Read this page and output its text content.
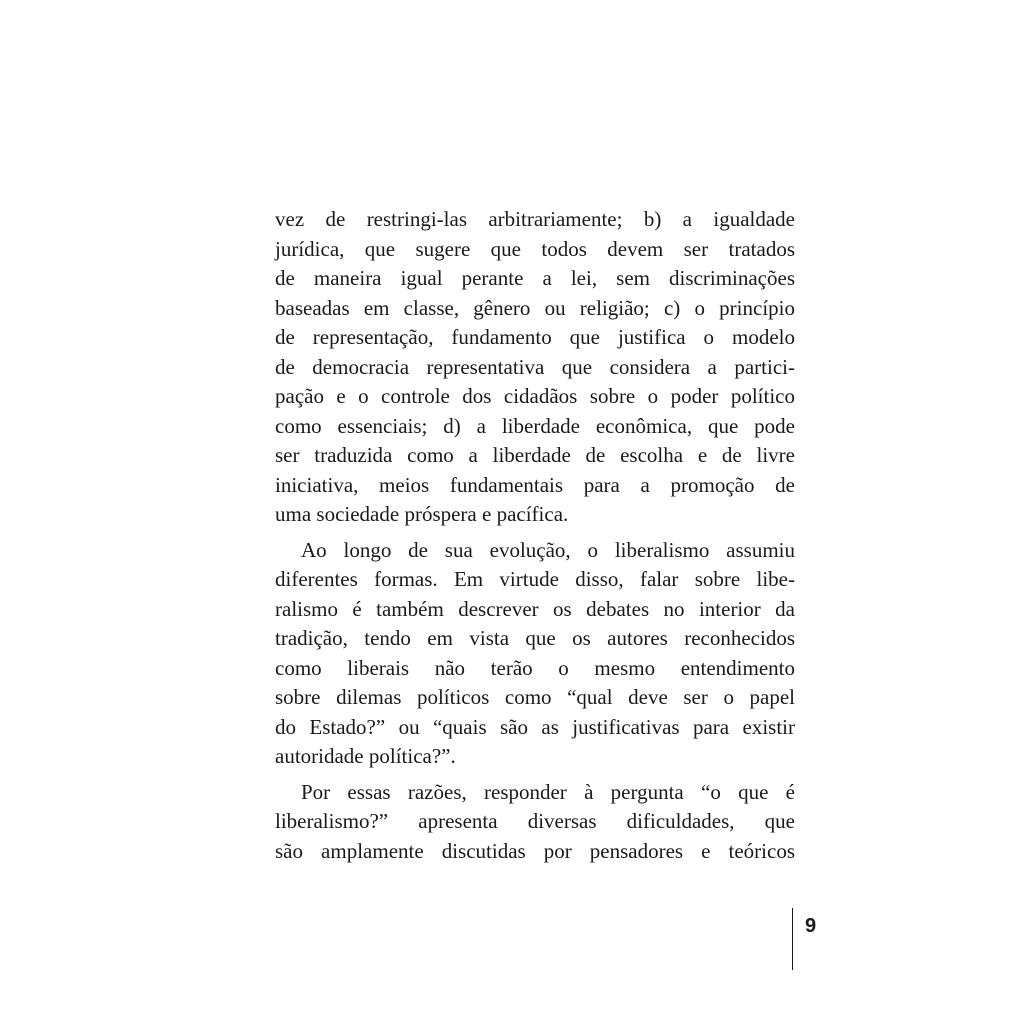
vez de restringi-las arbitrariamente; b) a igualdade
jurídica, que sugere que todos devem ser tratados
de maneira igual perante a lei, sem discriminações
baseadas em classe, gênero ou religião; c) o princípio
de representação, fundamento que justifica o modelo
de democracia representativa que considera a partici-
pação e o controle dos cidadãos sobre o poder político
como essenciais; d) a liberdade econômica, que pode
ser traduzida como a liberdade de escolha e de livre
iniciativa, meios fundamentais para a promoção de
uma sociedade próspera e pacífica.
Ao longo de sua evolução, o liberalismo assumiu
diferentes formas. Em virtude disso, falar sobre libe-
ralismo é também descrever os debates no interior da
tradição, tendo em vista que os autores reconhecidos
como liberais não terão o mesmo entendimento
sobre dilemas políticos como “qual deve ser o papel
do Estado?” ou “quais são as justificativas para existir
autoridade política?”.
Por essas razões, responder à pergunta “o que é
liberalismo?” apresenta diversas dificuldades, que
são amplamente discutidas por pensadores e teóricos
9
